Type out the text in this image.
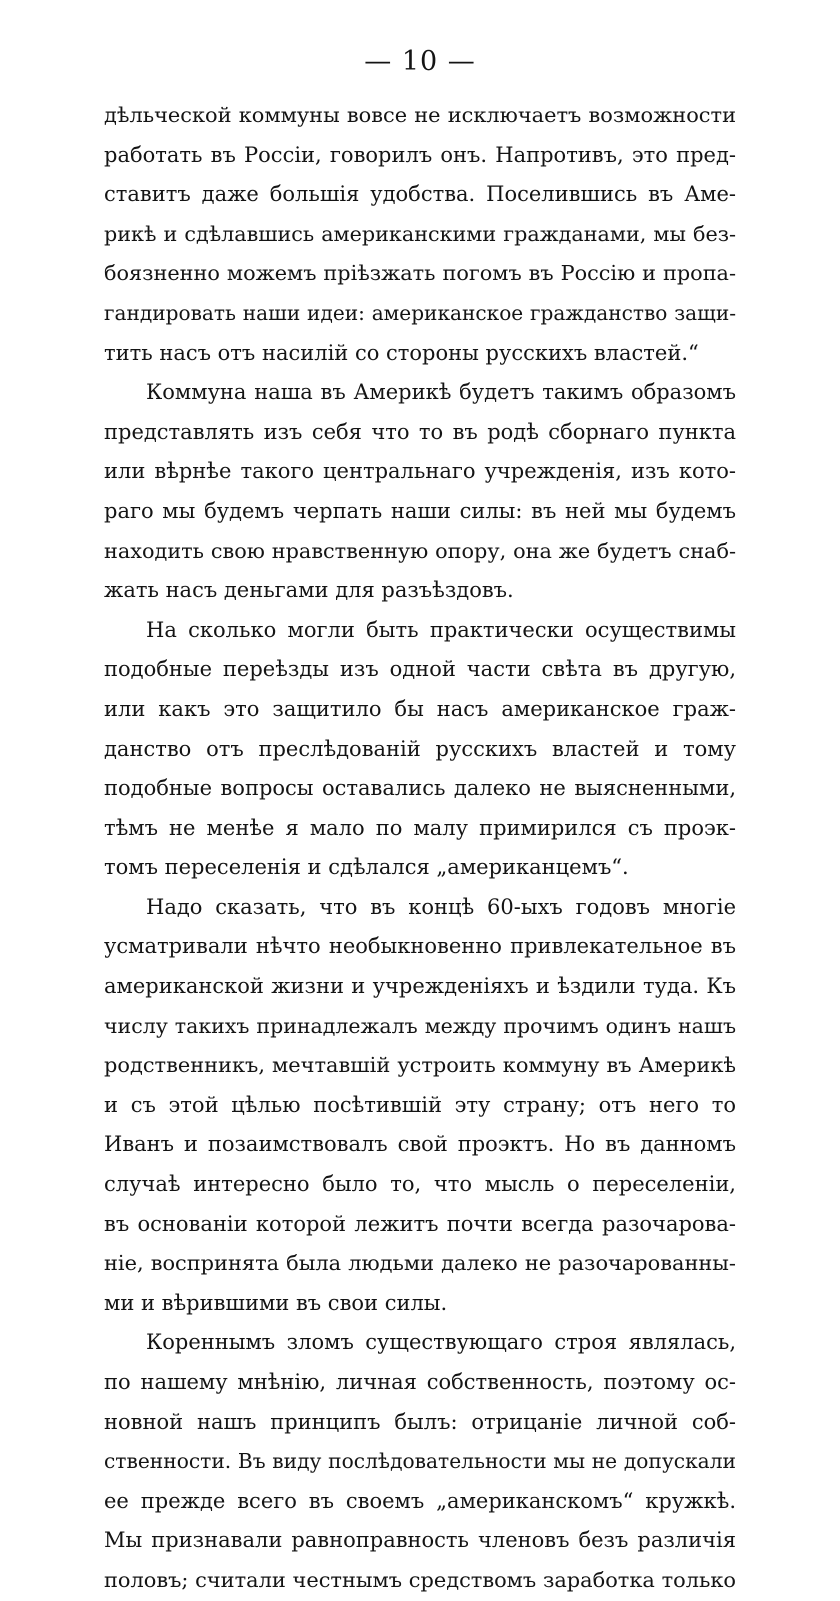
— 10 —
дѣльческой коммуны вовсе не исключаетъ возможности
работать въ Россіи, говорилъ онъ. Напротивъ, это пред-
ставитъ даже большія удобства. Поселившись въ Аме-
рикѣ и сдѣлавшись американскими гражданами, мы без-
боязненно можемъ пріѣзжать погомъ въ Россію и пропа-
гандировать наши идеи: американское гражданство защи-
тить насъ отъ насилій со стороны русскихъ властей.“
Коммуна наша въ Америкѣ будетъ такимъ образомъ
представлять изъ себя что то въ родѣ сборнаго пункта
или вѣрнѣе такого центральнаго учрежденія, изъ кото-
раго мы будемъ черпать наши силы: въ ней мы будемъ
находить свою нравственную опору, она же будетъ снаб-
жать насъ деньгами для разъѣздовъ.
На сколько могли быть практически осуществимы
подобные переѣзды изъ одной части свѣта въ другую,
или какъ это защитило бы насъ американское граж-
данство отъ преслѣдованій русскихъ властей и тому
подобные вопросы оставались далеко не выясненными,
тѣмъ не менѣе я мало по малу примирился съ проэк-
томъ переселенія и сдѣлался „американцемъ“.
Надо сказать, что въ концѣ 60-ыхъ годовъ многіе
усматривали нѣчто необыкновенно привлекательное въ
американской жизни и учрежденіяхъ и ѣздили туда. Къ
числу такихъ принадлежалъ между прочимъ одинъ нашъ
родственникъ, мечтавшій устроить коммуну въ Америкѣ
и съ этой цѣлью посѣтившій эту страну; отъ него то
Иванъ и позаимствовалъ свой проэктъ. Но въ данномъ
случаѣ интересно было то, что мысль о переселеніи,
въ основаніи которой лежитъ почти всегда разочарова-
ніе, воспринята была людьми далеко не разочарованны-
ми и вѣрившими въ свои силы.
Кореннымъ зломъ существующаго строя являлась,
по нашему мнѣнію, личная собственность, поэтому ос-
новной нашъ принципъ былъ: отрицаніе личной соб-
ственности. Въ виду послѣдовательности мы не допускали
ее прежде всего въ своемъ „американскомъ“ кружкѣ.
Мы признавали равноправность членовъ безъ различія
половъ; считали честнымъ средствомъ заработка только
